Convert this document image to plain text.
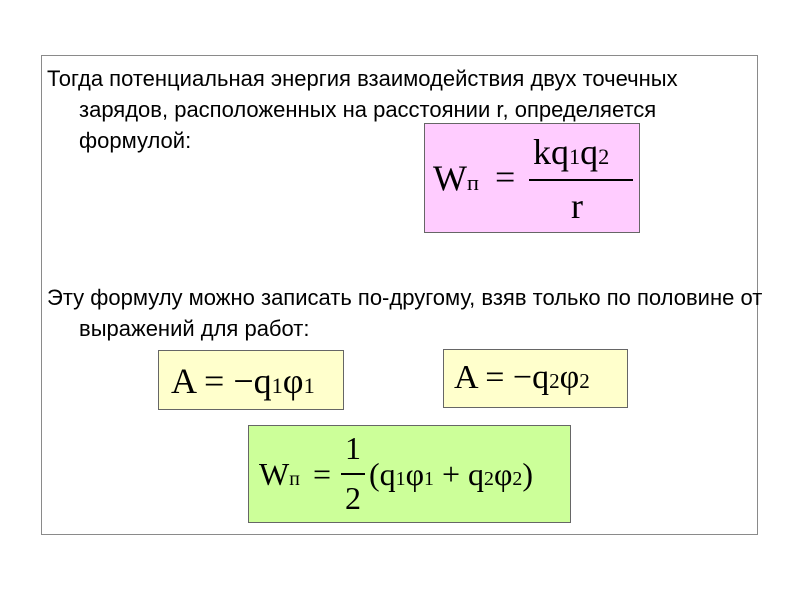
Тогда потенциальная энергия взаимодействия двух точечных зарядов, расположенных на расстоянии r, определяется формулой:

Wп =
kq1q2
r

Эту формулу можно записать по-другому, взяв только по половине от выражений для работ:

A = −q1φ1	A = −q2φ2
Wп =
1
2
(q1φ1 + q2φ2)
